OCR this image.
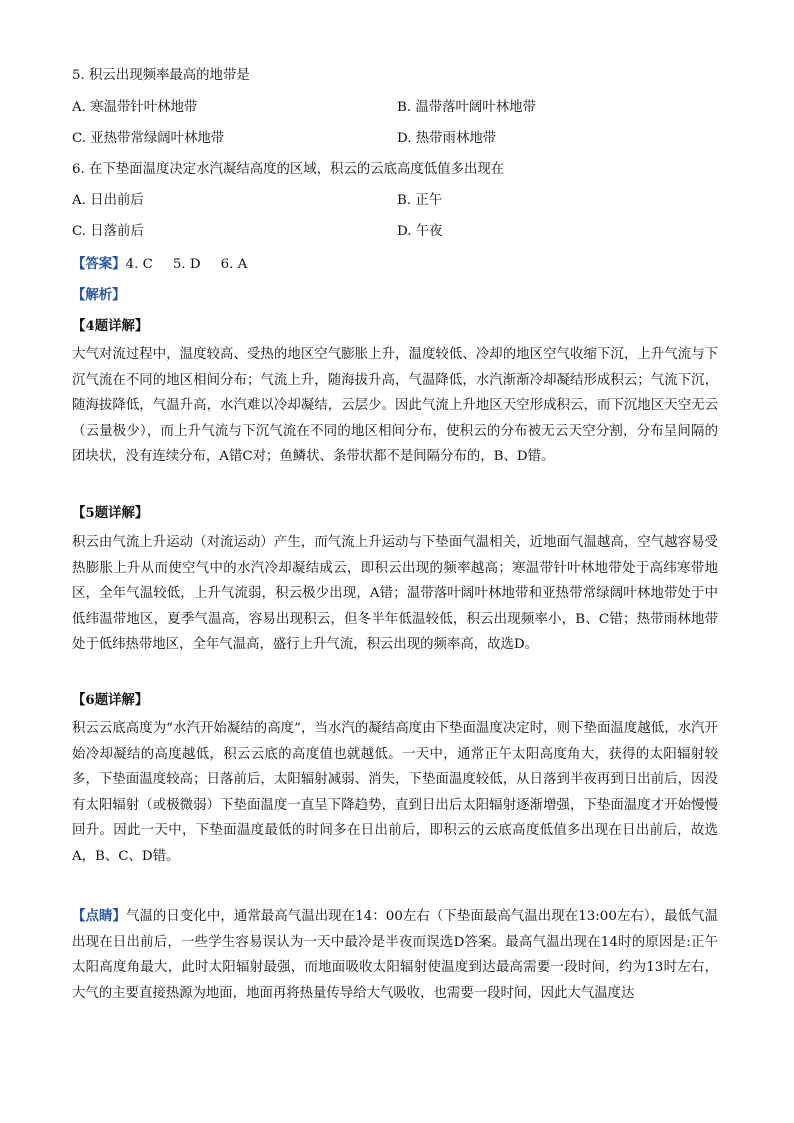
5. 积云出现频率最高的地带是
A. 寒温带针叶林地带	B. 温带落叶阔叶林地带
C. 亚热带常绿阔叶林地带	D. 热带雨林地带
6. 在下垫面温度决定水汽凝结高度的区域，积云的云底高度低值多出现在
A. 日出前后	B. 正午
C. 日落前后	D. 午夜
【答案】4. C 5. D 6. A
【解析】
【4题详解】
大气对流过程中，温度较高、受热的地区空气膨胀上升，温度较低、冷却的地区空气收缩下沉，上升气流与下沉气流在不同的地区相间分布；气流上升，随海拔升高，气温降低，水汽渐渐冷却凝结形成积云；气流下沉，随海拔降低，气温升高，水汽难以冷却凝结，云层少。因此气流上升地区天空形成积云，而下沉地区天空无云（云量极少），而上升气流与下沉气流在不同的地区相间分布，使积云的分布被无云天空分割，分布呈间隔的团块状，没有连续分布，A错C对；鱼鳞状、条带状都不是间隔分布的，B、D错。
【5题详解】
积云由气流上升运动（对流运动）产生，而气流上升运动与下垫面气温相关，近地面气温越高，空气越容易受热膨胀上升从而使空气中的水汽冷却凝结成云，即积云出现的频率越高；寒温带针叶林地带处于高纬寒带地区，全年气温较低，上升气流弱，积云极少出现，A错；温带落叶阔叶林地带和亚热带常绿阔叶林地带处于中低纬温带地区，夏季气温高，容易出现积云，但冬半年低温较低，积云出现频率小，B、C错；热带雨林地带处于低纬热带地区，全年气温高，盛行上升气流，积云出现的频率高，故选D。
【6题详解】
积云云底高度为“水汽开始凝结的高度”，当水汽的凝结高度由下垫面温度决定时，则下垫面温度越低，水汽开始冷却凝结的高度越低，积云云底的高度值也就越低。一天中，通常正午太阳高度角大，获得的太阳辐射较多，下垫面温度较高；日落前后，太阳辐射减弱、消失，下垫面温度较低，从日落到半夜再到日出前后，因没有太阳辐射（或极微弱）下垫面温度一直呈下降趋势，直到日出后太阳辐射逐渐增强，下垫面温度才开始慢慢回升。因此一天中，下垫面温度最低的时间多在日出前后，即积云的云底高度低值多出现在日出前后，故选A，B、C、D错。
【点睛】气温的日变化中，通常最高气温出现在14：00左右（下垫面最高气温出现在13:00左右），最低气温出现在日出前后，一些学生容易误认为一天中最冷是半夜而误选D答案。最高气温出现在14时的原因是:正午太阳高度角最大，此时太阳辐射最强，而地面吸收太阳辐射使温度到达最高需要一段时间，约为13时左右，大气的主要直接热源为地面，地面再将热量传导给大气吸收，也需要一段时间，因此大气温度达
